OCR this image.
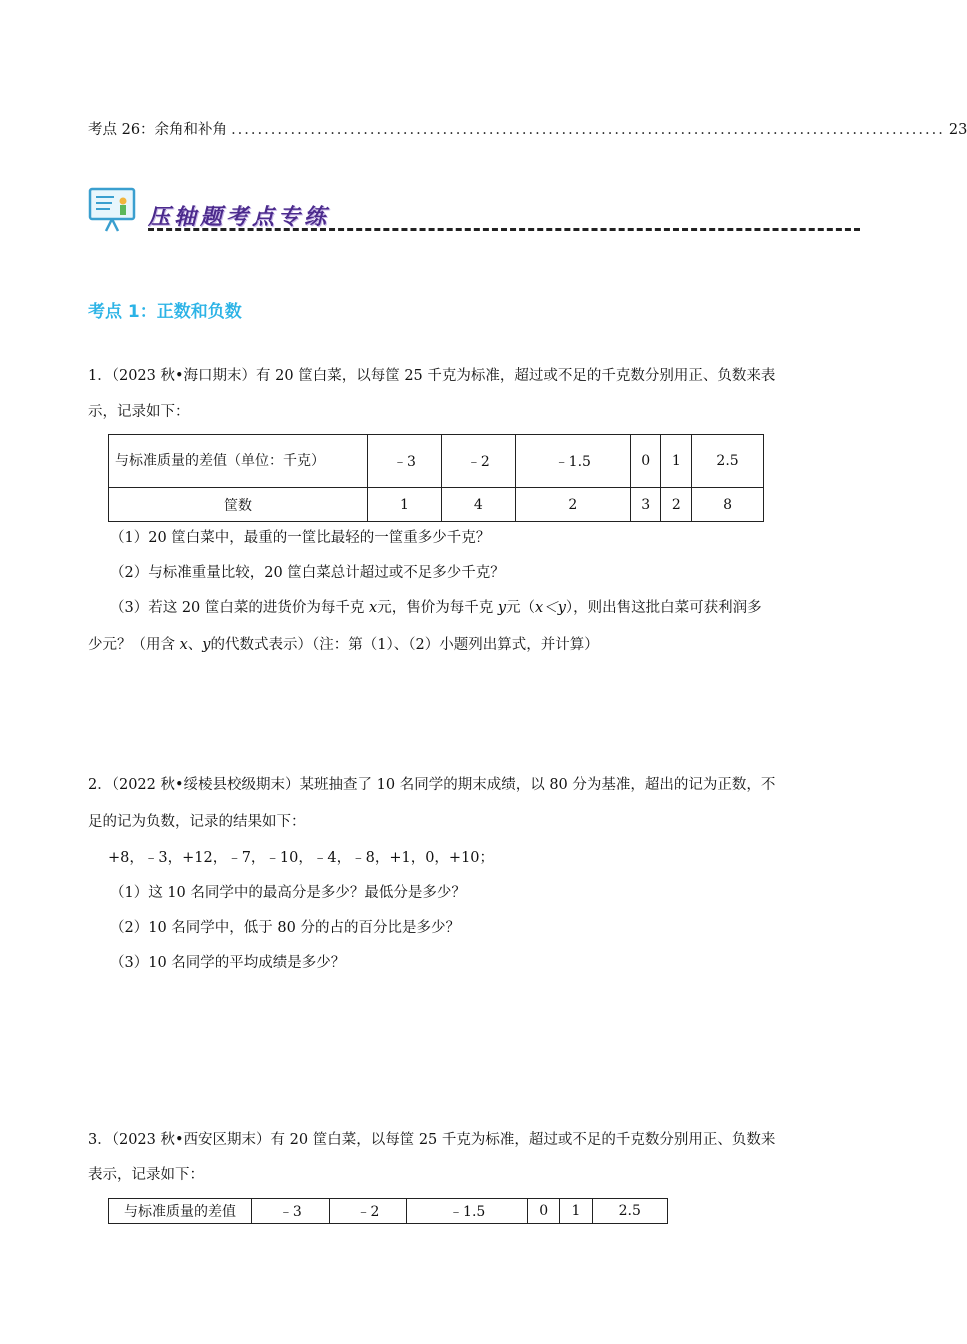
考点 26：余角和补角 ............................................................................................................ 23
压轴题考点专练
考点 1：正数和负数
1．（2023 秋•海口期末）有 20 筐白菜，以每筐 25 千克为标准，超过或不足的千克数分别用正、负数来表
示，记录如下：
与标准质量的差值（单位：千克）	﹣3	﹣2	﹣1.5	0	1	2.5
筐数	1	4	2	3	2	8
（1）20 筐白菜中，最重的一筐比最轻的一筐重多少千克？
（2）与标准重量比较，20 筐白菜总计超过或不足多少千克？
（3）若这 20 筐白菜的进货价为每千克 x元，售价为每千克 y元（x＜y），则出售这批白菜可获利润多
少元？（用含 x、y的代数式表示）（注：第（1）、（2）小题列出算式，并计算）
2．（2022 秋•绥棱县校级期末）某班抽查了 10 名同学的期末成绩，以 80 分为基准，超出的记为正数，不
足的记为负数，记录的结果如下：
+8，﹣3，+12，﹣7，﹣10，﹣4，﹣8，+1，0，+10；
（1）这 10 名同学中的最高分是多少？最低分是多少？
（2）10 名同学中，低于 80 分的占的百分比是多少？
（3）10 名同学的平均成绩是多少？
3．（2023 秋•西安区期末）有 20 筐白菜，以每筐 25 千克为标准，超过或不足的千克数分别用正、负数来
表示，记录如下：
与标准质量的差值	﹣3	﹣2	﹣1.5	0	1	2.5
